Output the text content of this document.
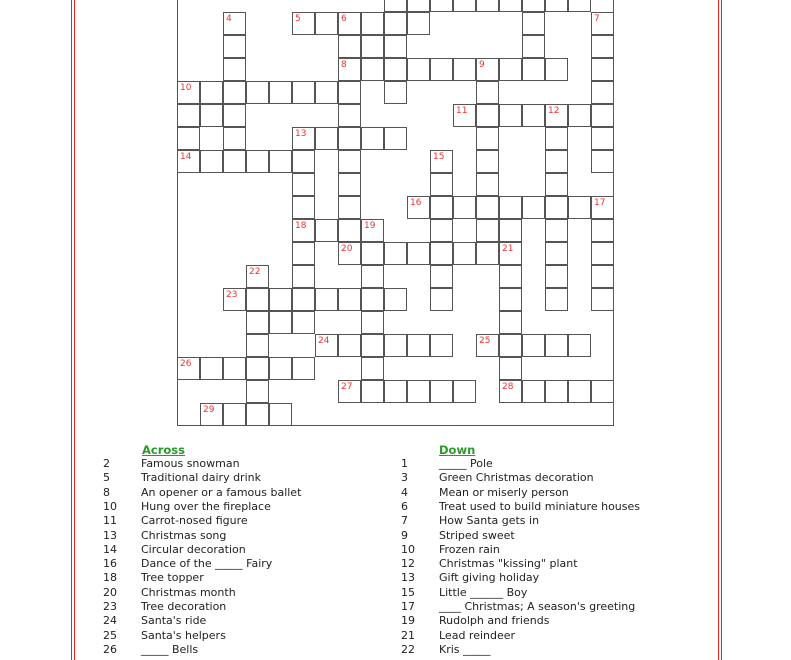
4	5	6	7
8	9
10
11	12
13
14	15
16	17
18	19
20	21
22
23
24	25
26
27	28
29
Across
2	Famous snowman
5	Traditional dairy drink
8	An opener or a famous ballet
10 Hung over the fireplace
11 Carrot-nosed figure
13 Christmas song
14 Circular decoration
16 Dance of the _____ Fairy
18 Tree topper
20 Christmas month
23 Tree decoration
24 Santa's ride
25 Santa's helpers
26 _____ Bells
Down
1	_____ Pole
3	Green Christmas decoration
4	Mean or miserly person
6	Treat used to build miniature houses
7	How Santa gets in
9	Striped sweet
10 Frozen rain
12 Christmas "kissing" plant
13 Gift giving holiday
15 Little ______ Boy
17 ____ Christmas; A season's greeting
19 Rudolph and friends
21 Lead reindeer
22 Kris _____
